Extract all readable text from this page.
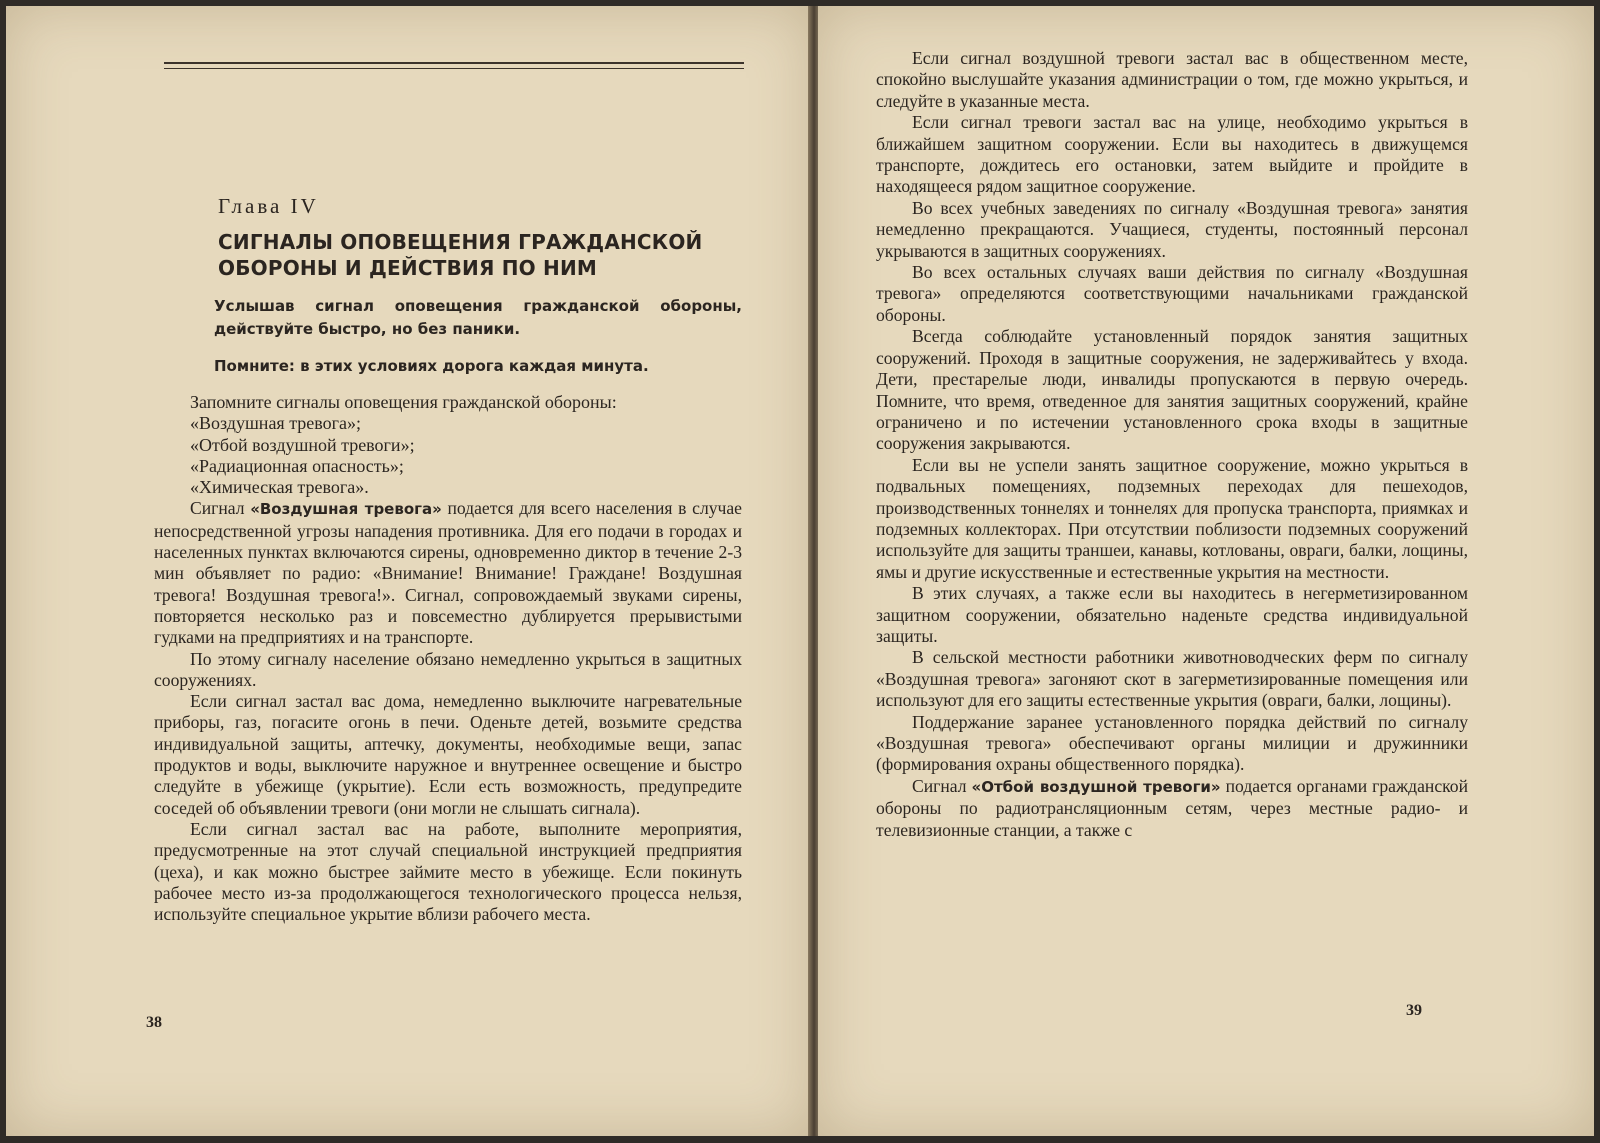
Глава IV
СИГНАЛЫ ОПОВЕЩЕНИЯ ГРАЖДАНСКОЙ
ОБОРОНЫ И ДЕЙСТВИЯ ПО НИМ
Услышав сигнал оповещения гражданской обороны, действуйте быстро, но без паники.
Помните: в этих условиях дорога каждая минута.
Запомните сигналы оповещения гражданской обороны:
«Воздушная тревога»;
«Отбой воздушной тревоги»;
«Радиационная опасность»;
«Химическая тревога».

Сигнал «Воздушная тревога» подается для всего населения в случае непосредственной угрозы нападения противника. Для его подачи в городах и населенных пунктах включаются сирены, одновременно диктор в течение 2-3 мин объявляет по радио: «Внимание! Внимание! Граждане! Воздушная тревога! Воздушная тревога!». Сигнал, сопровождаемый звуками сирены, повторяется несколько раз и повсеместно дублируется прерывистыми гудками на предприятиях и на транспорте.

По этому сигналу население обязано немедленно укрыться в защитных сооружениях.

Если сигнал застал вас дома, немедленно выключите нагревательные приборы, газ, погасите огонь в печи. Оденьте детей, возьмите средства индивидуальной защиты, аптечку, документы, необходимые вещи, запас продуктов и воды, выключите наружное и внутреннее освещение и быстро следуйте в убежище (укрытие). Если есть возможность, предупредите соседей об объявлении тревоги (они могли не слышать сигнала).

Если сигнал застал вас на работе, выполните мероприятия, предусмотренные на этот случай специальной инструкцией предприятия (цеха), и как можно быстрее займите место в убежище. Если покинуть рабочее место из-за продолжающегося технологического процесса нельзя, используйте специальное укрытие вблизи рабочего места.

38

Если сигнал воздушной тревоги застал вас в общественном месте, спокойно выслушайте указания администрации о том, где можно укрыться, и следуйте в указанные места.

Если сигнал тревоги застал вас на улице, необходимо укрыться в ближайшем защитном сооружении. Если вы находитесь в движущемся транспорте, дождитесь его остановки, затем выйдите и пройдите в находящееся рядом защитное сооружение.

Во всех учебных заведениях по сигналу «Воздушная тревога» занятия немедленно прекращаются. Учащиеся, студенты, постоянный персонал укрываются в защитных сооружениях.

Во всех остальных случаях ваши действия по сигналу «Воздушная тревога» определяются соответствующими начальниками гражданской обороны.

Всегда соблюдайте установленный порядок занятия защитных сооружений. Проходя в защитные сооружения, не задерживайтесь у входа. Дети, престарелые люди, инвалиды пропускаются в первую очередь. Помните, что время, отведенное для занятия защитных сооружений, крайне ограничено и по истечении установленного срока входы в защитные сооружения закрываются.

Если вы не успели занять защитное сооружение, можно укрыться в подвальных помещениях, подземных переходах для пешеходов, производственных тоннелях и тоннелях для пропуска транспорта, приямках и подземных коллекторах. При отсутствии поблизости подземных сооружений используйте для защиты траншеи, канавы, котлованы, овраги, балки, лощины, ямы и другие искусственные и естественные укрытия на местности.

В этих случаях, а также если вы находитесь в негерметизированном защитном сооружении, обязательно наденьте средства индивидуальной защиты.

В сельской местности работники животноводческих ферм по сигналу «Воздушная тревога» загоняют скот в загерметизированные помещения или используют для его защиты естественные укрытия (овраги, балки, лощины).

Поддержание заранее установленного порядка действий по сигналу «Воздушная тревога» обеспечивают органы милиции и дружинники (формирования охраны общественного порядка).

Сигнал «Отбой воздушной тревоги» подается органами гражданской обороны по радиотрансляционным сетям, через местные радио- и телевизионные станции, а также с

39
